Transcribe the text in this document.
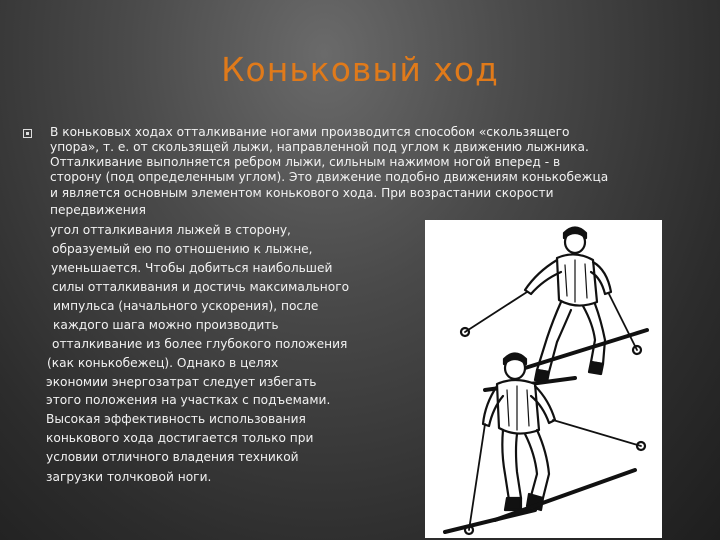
Коньковый ход
В коньковых ходах отталкивание ногами производится способом «скользящего
упора», т. е. от скользящей лыжи, направленной под углом к движению лыжника.
Отталкивание выполняется ребром лыжи, сильным нажимом ногой вперед - в
сторону (под определенным углом). Это движение подобно движениям конькобежца
и является основным элементом конькового хода. При возрастании скорости
передвижения
угол отталкивания лыжей в сторону,
образуемый ею по отношению к лыжне,
уменьшается. Чтобы добиться наибольшей
силы отталкивания и достичь максимального
импульса (начального ускорения), после
каждого шага можно производить
отталкивание из более глубокого положения
(как конькобежец). Однако в целях
экономии энергозатрат следует избегать
этого положения на участках с подъемами.
Высокая эффективность использования
конькового хода достигается только при
условии отличного владения техникой
загрузки толчковой ноги.
